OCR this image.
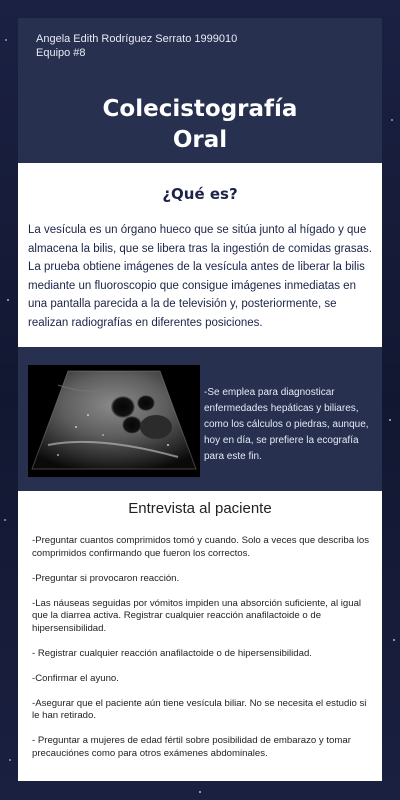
Angela Edith Rodríguez Serrato 1999010
Equipo #8
Colecistografía
Oral
¿Qué es?
La vesícula es un órgano hueco que se sitúa junto al hígado y que almacena la bilis, que se libera tras la ingestión de comidas grasas. La prueba obtiene imágenes de la vesícula antes de liberar la bilis mediante un fluoroscopio que consigue imágenes inmediatas en una pantalla parecida a la de televisión y, posteriormente, se realizan radiografías en diferentes posiciones.
-Se emplea para diagnosticar enfermedades hepáticas y biliares, como los cálculos o piedras, aunque, hoy en día, se prefiere la ecografía para este fin.
Entrevista al paciente
-Preguntar cuantos comprimidos tomó y cuando. Solo a veces que describa los comprimidos confirmando que fueron los correctos.
-Preguntar si provocaron reacción.
-Las náuseas seguidas por vómitos impiden una absorción suficiente, al igual que la diarrea activa. Registrar cualquier reacción anafilactoide o de hipersensibilidad.
- Registrar cualquier reacción anafilactoide o de hipersensibilidad.
-Confirmar el ayuno.
-Asegurar que el paciente aún tiene vesícula biliar. No se necesita el estudio si le han retirado.
- Preguntar a mujeres de edad fértil sobre posibilidad de embarazo y tomar precauciónes como para otros exámenes abdominales.
